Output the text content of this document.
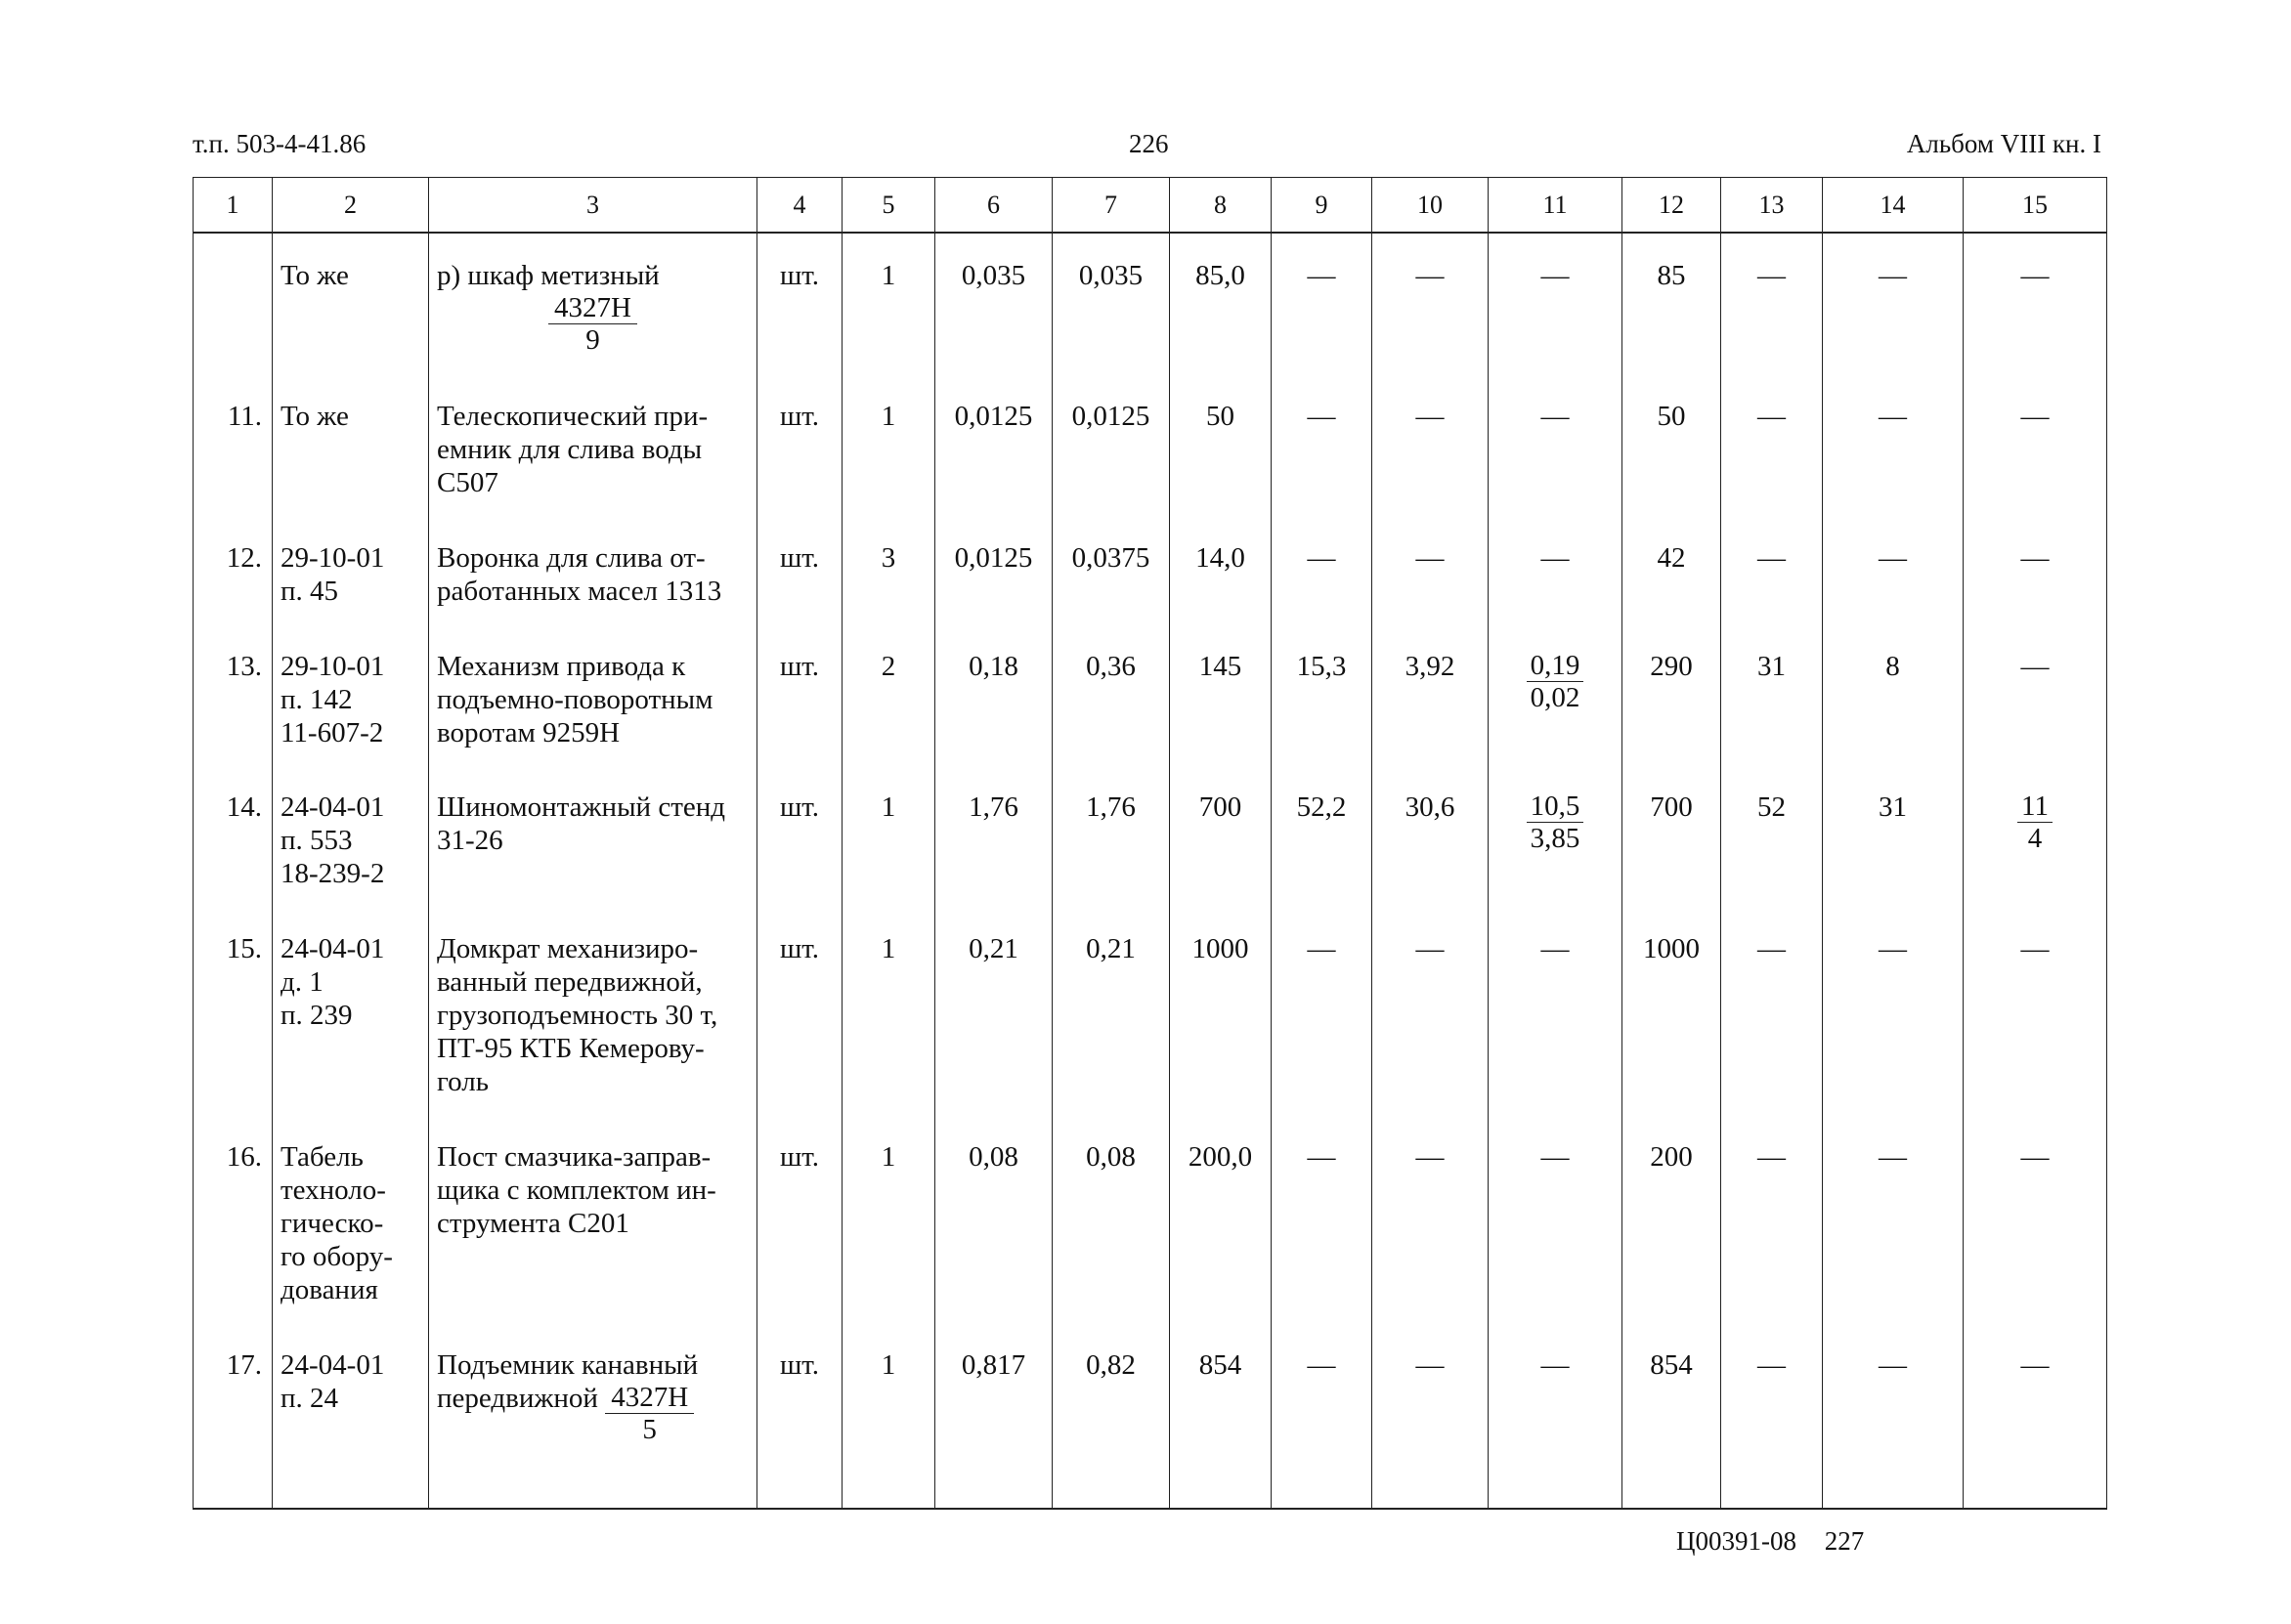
т.п. 503-4-41.86	226	Альбом VIII кн. I
1	2	3	4	5	6	7	8	9	10	11	12	13	14	15

	То же	р) шкаф метизный
4327Н
9	шт.	1	0,035	0,035	85,0	—	—	—	85	—	—	—
11.	То же	Телескопический при-
емник для слива воды
С507	шт.	1	0,0125	0,0125	50	—	—	—	50	—	—	—
12.	29-10-01
п. 45	Воронка для слива от-
работанных масел 1313	шт.	3	0,0125	0,0375	14,0	—	—	—	42	—	—	—
13.	29-10-01
п. 142
11-607-2	Механизм привода к
подъемно-поворотным
воротам 9259Н	шт.	2	0,18	0,36	145	15,3	3,92	$\frac{0,19}{0,02}$	290	31	8	—
14.	24-04-01
п. 553
18-239-2	Шиномонтажный стенд
31-26	шт.	1	1,76	1,76	700	52,2	30,6	$\frac{10,5}{3,85}$	700	52	31	$\frac{11}{4}$

15.	24-04-01
д. 1
п. 239	Домкрат механизиро-
ванный передвижной,
грузоподъемность 30 т,
ПТ-95 КТБ Кемерову-
голь	шт.	1	0,21	0,21	1000	—	—	—	1000	—	—	—
16.	Табель
техноло-
гическо-
го обору-
дования	Пост смазчика-заправ-
щика с комплектом ин-
струмента С201	шт.	1	0,08	0,08	200,0	—	—	—	200	—	—	—
17.	24-04-01
п. 24	Подъемник канавный
передвижной 4327Н
5	шт.	1	0,817	0,82	854	—	—	—	854	—	—	—
Ц00391-08 227
